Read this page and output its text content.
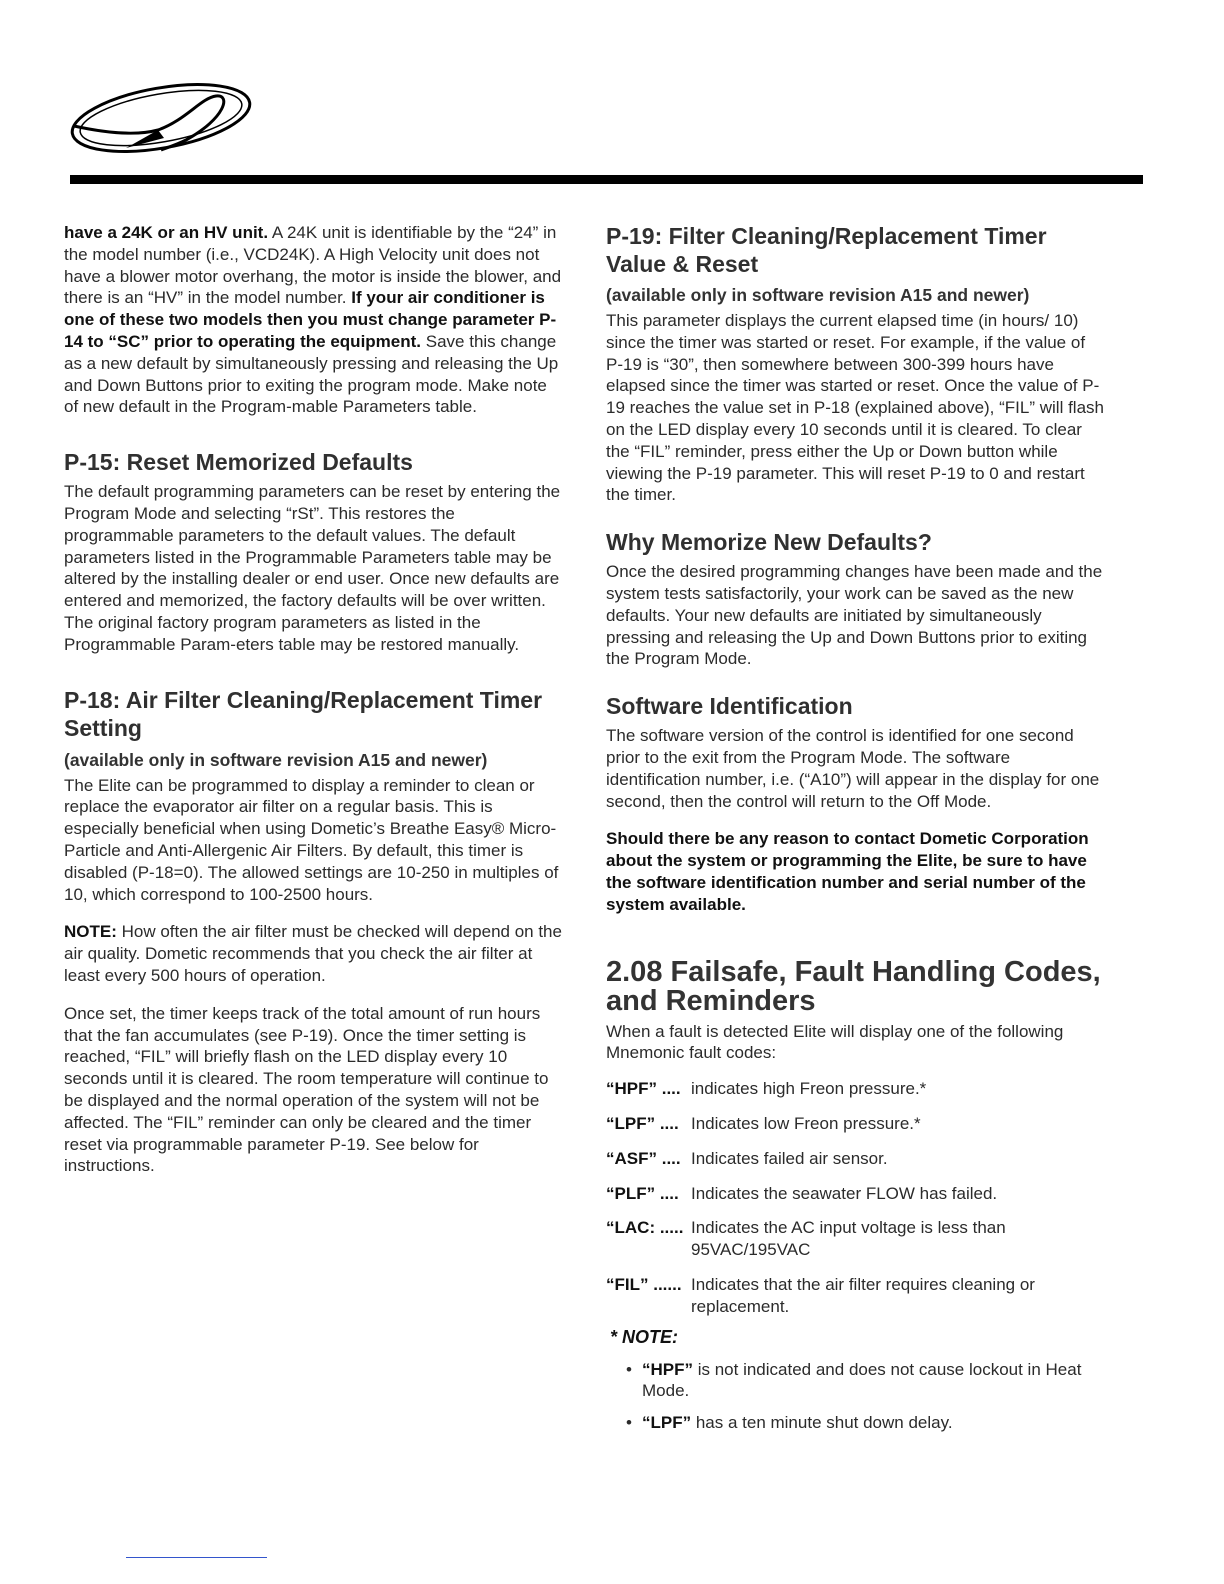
have a 24K or an HV unit. A 24K unit is identifiable by the “24” in the model number (i.e., VCD24K). A High Velocity unit does not have a blower motor overhang, the motor is inside the blower, and there is an “HV” in the model number. If your air conditioner is one of these two models then you must change parameter P-14 to “SC” prior to operating the equipment. Save this change as a new default by simultaneously pressing and releasing the Up and Down Buttons prior to exiting the program mode. Make note of new default in the Program-mable Parameters table.

P-15: Reset Memorized Defaults

The default programming parameters can be reset by entering the Program Mode and selecting “rSt”. This restores the programmable parameters to the default values. The default parameters listed in the Programmable Parameters table may be altered by the installing dealer or end user. Once new defaults are entered and memorized, the factory defaults will be over written. The original factory program parameters as listed in the Programmable Param-eters table may be restored manually.

P-18: Air Filter Cleaning/Replacement Timer Setting
(available only in software revision A15 and newer)

The Elite can be programmed to display a reminder to clean or replace the evaporator air filter on a regular basis. This is especially beneficial when using Dometic’s Breathe Easy® Micro-Particle and Anti-Allergenic Air Filters. By default, this timer is disabled (P-18=0). The allowed settings are 10-250 in multiples of 10, which correspond to 100-2500 hours.

NOTE: How often the air filter must be checked will depend on the air quality. Dometic recommends that you check the air filter at least every 500 hours of operation.

Once set, the timer keeps track of the total amount of run hours that the fan accumulates (see P-19). Once the timer setting is reached, “FIL” will briefly flash on the LED display every 10 seconds until it is cleared. The room temperature will continue to be displayed and the normal operation of the system will not be affected. The “FIL” reminder can only be cleared and the timer reset via programmable parameter P-19. See below for instructions.

P-19: Filter Cleaning/Replacement Timer Value & Reset
(available only in software revision A15 and newer)

This parameter displays the current elapsed time (in hours/ 10) since the timer was started or reset. For example, if the value of P-19 is “30”, then somewhere between 300-399 hours have elapsed since the timer was started or reset. Once the value of P-19 reaches the value set in P-18 (explained above), “FIL” will flash on the LED display every 10 seconds until it is cleared. To clear the “FIL” reminder, press either the Up or Down button while viewing the P-19 parameter. This will reset P-19 to 0 and restart the timer.

Why Memorize New Defaults?

Once the desired programming changes have been made and the system tests satisfactorily, your work can be saved as the new defaults. Your new defaults are initiated by simultaneously pressing and releasing the Up and Down Buttons prior to exiting the Program Mode.

Software Identification

The software version of the control is identified for one second prior to the exit from the Program Mode. The software identification number, i.e. (“A10”) will appear in the display for one second, then the control will return to the Off Mode.

Should there be any reason to contact Dometic Corporation about the system or programming the Elite, be sure to have the software identification number and serial number of the system available.

2.08 Failsafe, Fault Handling Codes, and Reminders

When a fault is detected Elite will display one of the following Mnemonic fault codes:

“HPF” .... indicates high Freon pressure.*
“LPF” .... Indicates low Freon pressure.*
“ASF” .... Indicates failed air sensor.
“PLF” .... Indicates the seawater FLOW has failed.
“LAC: ..... Indicates the AC input voltage is less than 95VAC/195VAC
“FIL” ...... Indicates that the air filter requires cleaning or replacement.
* NOTE:
• “HPF” is not indicated and does not cause lockout in Heat Mode.
• “LPF” has a ten minute shut down delay.
